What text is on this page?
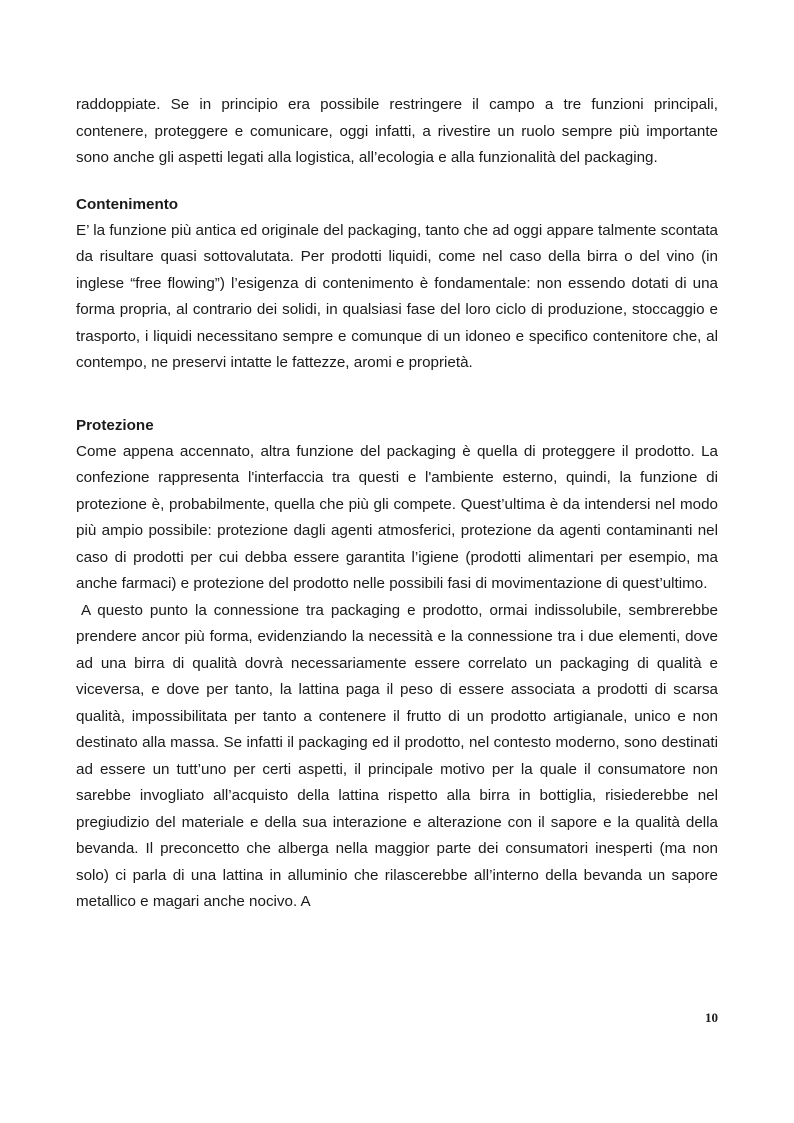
raddoppiate. Se in principio era possibile restringere il campo a tre funzioni principali, contenere, proteggere e comunicare, oggi infatti, a rivestire un ruolo sempre più importante sono anche gli aspetti legati alla logistica, all’ecologia e alla funzionalità del packaging.

Contenimento

E’ la funzione più antica ed originale del packaging, tanto che ad oggi appare talmente scontata da risultare quasi sottovalutata. Per prodotti liquidi, come nel caso della birra o del vino (in inglese “free flowing”) l’esigenza di contenimento è fondamentale: non essendo dotati di una forma propria, al contrario dei solidi, in qualsiasi fase del loro ciclo di produzione, stoccaggio e trasporto, i liquidi necessitano sempre e comunque di un idoneo e specifico contenitore che, al contempo, ne preservi intatte le fattezze, aromi e proprietà.

Protezione

Come appena accennato, altra funzione del packaging è quella di proteggere il prodotto. La confezione rappresenta l'interfaccia tra questi e l'ambiente esterno, quindi, la funzione di protezione è, probabilmente, quella che più gli compete. Quest’ultima è da intendersi nel modo più ampio possibile: protezione dagli agenti atmosferici, protezione da agenti contaminanti nel caso di prodotti per cui debba essere garantita l’igiene (prodotti alimentari per esempio, ma anche farmaci) e protezione del prodotto nelle possibili fasi di movimentazione di quest’ultimo.

A questo punto la connessione tra packaging e prodotto, ormai indissolubile, sembrerebbe prendere ancor più forma, evidenziando la necessità e la connessione tra i due elementi, dove ad una birra di qualità dovrà necessariamente essere correlato un packaging di qualità e viceversa, e dove per tanto, la lattina paga il peso di essere associata a prodotti di scarsa qualità, impossibilitata per tanto a contenere il frutto di un prodotto artigianale, unico e non destinato alla massa. Se infatti il packaging ed il prodotto, nel contesto moderno, sono destinati ad essere un tutt’uno per certi aspetti, il principale motivo per la quale il consumatore non sarebbe invogliato all’acquisto della lattina rispetto alla birra in bottiglia, risiederebbe nel pregiudizio del materiale e della sua interazione e alterazione con il sapore e la qualità della bevanda. Il preconcetto che alberga nella maggior parte dei consumatori inesperti (ma non solo) ci parla di una lattina in alluminio che rilascerebbe all’interno della bevanda un sapore metallico e magari anche nocivo. A

10
